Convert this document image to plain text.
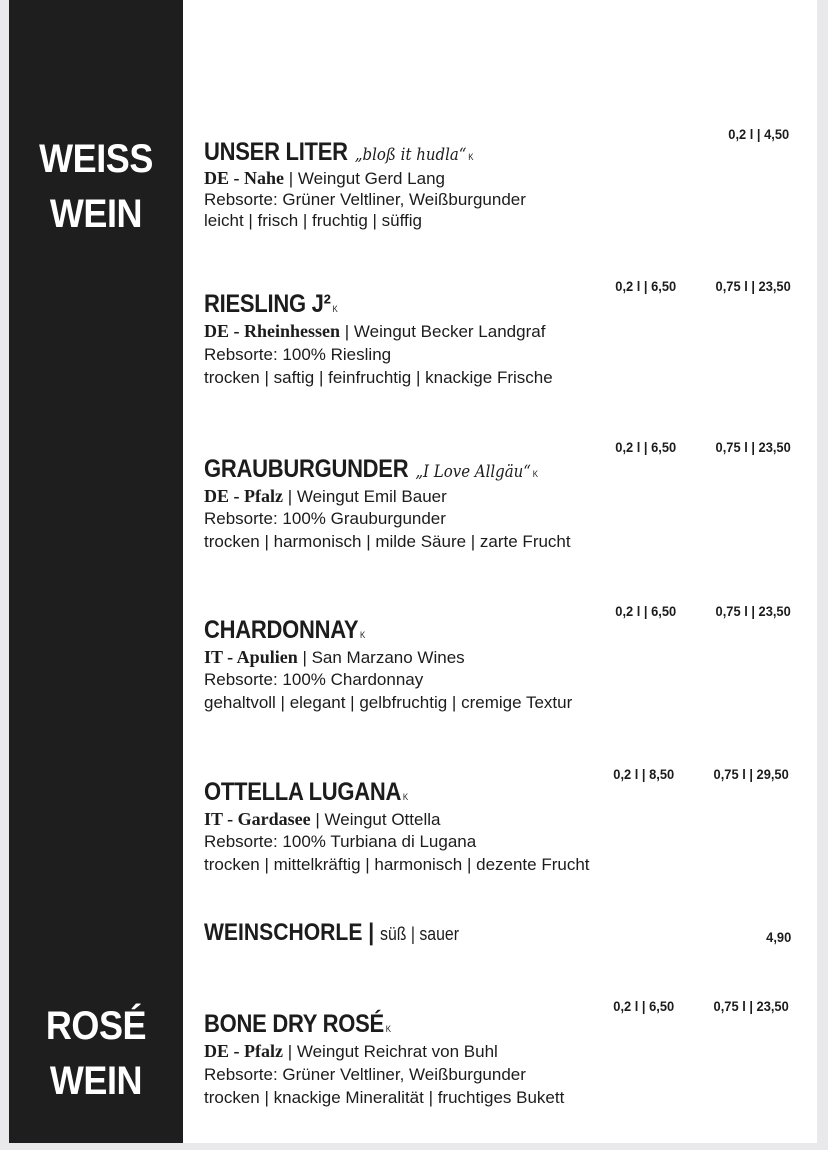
WEISS
WEIN
ROSÉ
WEIN
0,2 l | 4,50
UNSER LITER „bloß it hudla“ K
DE - Nahe | Weingut Gerd Lang
Rebsorte: Grüner Veltliner, Weißburgunder
leicht | frisch | fruchtig | süffig
0,2 l | 6,50	0,75 l | 23,50
RIESLING J² K
DE - Rheinhessen | Weingut Becker Landgraf
Rebsorte: 100% Riesling
trocken | saftig | feinfruchtig | knackige Frische
0,2 l | 6,50	0,75 l | 23,50
GRAUBURGUNDER „I Love Allgäu“ K
DE - Pfalz | Weingut Emil Bauer
Rebsorte: 100% Grauburgunder
trocken | harmonisch | milde Säure | zarte Frucht
0,2 l | 6,50	0,75 l | 23,50
CHARDONNAY K
IT - Apulien | San Marzano Wines
Rebsorte: 100% Chardonnay
gehaltvoll | elegant | gelbfruchtig | cremige Textur
0,2 l | 8,50	0,75 l | 29,50
OTTELLA LUGANA K
IT - Gardasee | Weingut Ottella
Rebsorte: 100% Turbiana di Lugana
trocken | mittelkräftig | harmonisch | dezente Frucht
WEINSCHORLE | süß | sauer	4,90
0,2 l | 6,50	0,75 l | 23,50
BONE DRY ROSÉ K
DE - Pfalz | Weingut Reichrat von Buhl
Rebsorte: Grüner Veltliner, Weißburgunder
trocken | knackige Mineralität | fruchtiges Bukett
